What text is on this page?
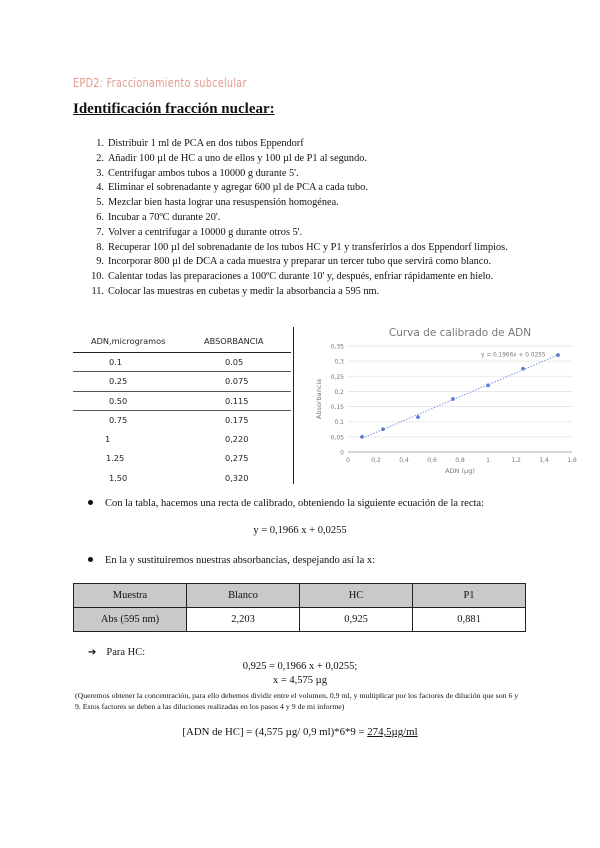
EPD2: Fraccionamiento subcelular
Identificación fracción nuclear:
1. Distribuir 1 ml de PCA en dos tubos Eppendorf
2. Añadir 100 µl de HC a uno de ellos y 100 µl de P1 al segundo.
3. Centrifugar ambos tubos a 10000 g durante 5'.
4. Eliminar el sobrenadante y agregar 600 µl de PCA a cada tubo.
5. Mezclar bien hasta lograr una resuspensión homogénea.
6. Incubar a 70ºC durante 20'.
7. Volver a centrifugar a 10000 g durante otros 5'.
8. Recuperar 100 µl del sobrenadante de los tubos HC y P1 y transferirlos a dos Eppendorf limpios.
9. Incorporar 800 µl de DCA a cada muestra y preparar un tercer tubo que servirá como blanco.
10. Calentar todas las preparaciones a 100ºC durante 10' y, después, enfriar rápidamente en hielo.
11. Colocar las muestras en cubetas y medir la absorbancia a 595 nm.
ADN,microgramos	ABSORBANCIA
0.1	0.05
0.25	0.075
0.50	0.115
0.75	0.175
1	0,220
1.25	0,275
1.50	0,320
Curva de calibrado de ADN
0
0,05
0,1
0,15
0,2
0,25
0,3
0,35
0	0,2	0,4	0,6	0,8	1	1,2	1,4	1,6
ADN (µg)
Absorbancia
y = 0.1966x + 0.0255
Con la tabla, hacemos una recta de calibrado, obteniendo la siguiente ecuación de la recta:
y = 0,1966 x + 0,0255
En la y sustituiremos nuestras absorbancias, despejando así la x:
Muestra	Blanco	HC	P1
Abs (595 nm)	2,203	0,925	0,881
➔ Para HC:
0,925 = 0,1966 x + 0,0255;
x = 4,575 µg
(Queremos obtener la concentración, para ello debemos dividir entre el volumen, 0,9 ml, y multiplicar por los factores de dilución que son 6 y 9. Estos factores se deben a las diluciones realizadas en los pasos 4 y 9 de mi informe)
[ADN de HC] = (4,575 µg/ 0,9 ml)*6*9 = 274,5µg/ml
